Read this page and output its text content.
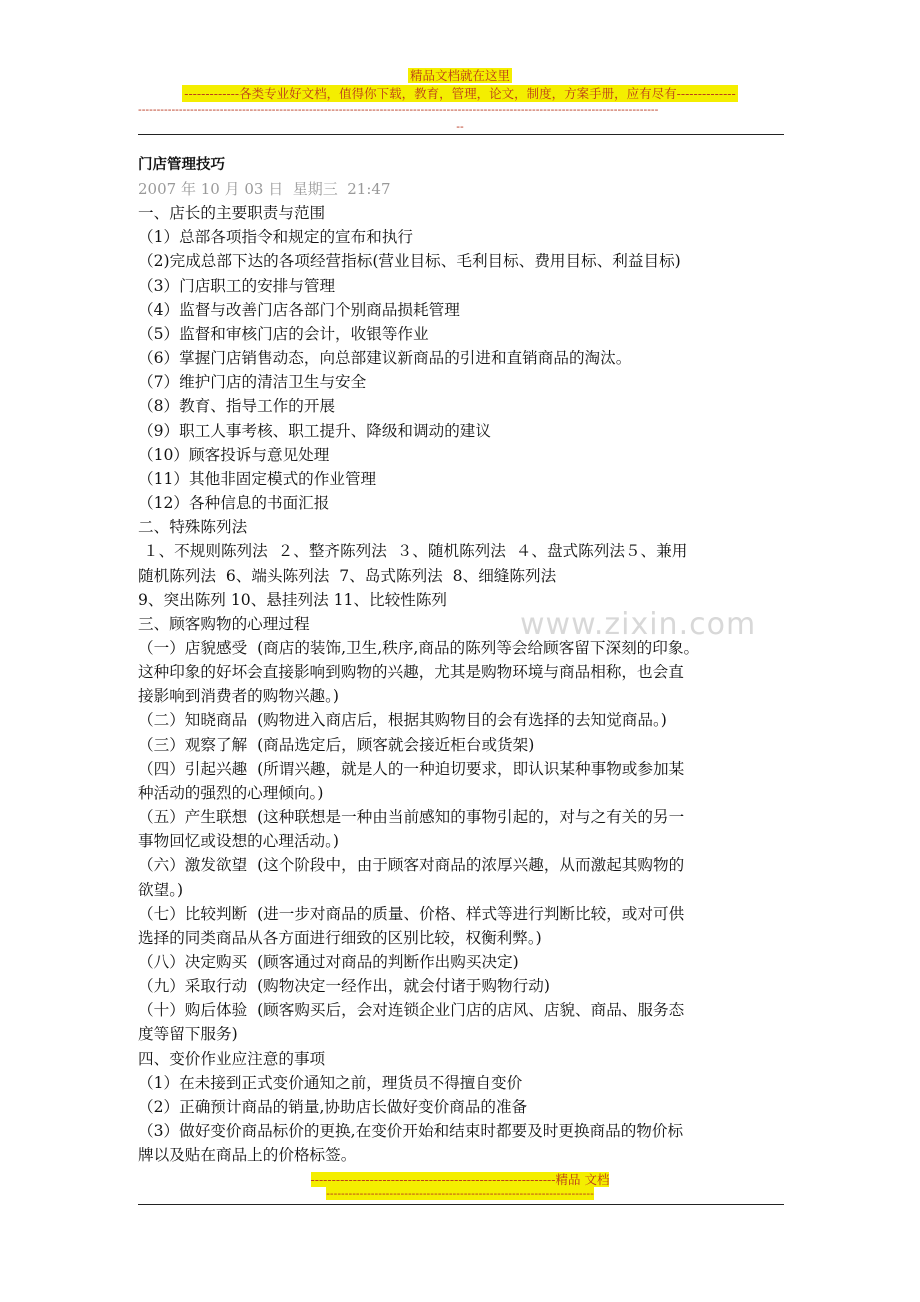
精品文档就在这里
-------------各类专业好文档，值得你下载，教育，管理，论文，制度，方案手册，应有尽有--------------
--------------------------------------------------------------------------------------------------------------------------------------------
--
www.zixin.com

门店管理技巧

2007 年 10 月 03 日  星期三  21:47

一、店长的主要职责与范围

（1）总部各项指令和规定的宣布和执行

（2)完成总部下达的各项经营指标(营业目标、毛利目标、费用目标、利益目标)

（3）门店职工的安排与管理

（4）监督与改善门店各部门个别商品损耗管理

（5）监督和审核门店的会计，收银等作业

（6）掌握门店销售动态，向总部建议新商品的引进和直销商品的淘汰。

（7）维护门店的清洁卫生与安全

（8）教育、指导工作的开展

（9）职工人事考核、职工提升、降级和调动的建议

（10）顾客投诉与意见处理

（11）其他非固定模式的作业管理

（12）各种信息的书面汇报

二、特殊陈列法

１、不规则陈列法  ２、整齐陈列法  ３、随机陈列法  ４、盘式陈列法５、兼用

随机陈列法  6、端头陈列法  7、岛式陈列法  8、细缝陈列法

9、突出陈列 10、悬挂列法 11、比较性陈列

三、顾客购物的心理过程

（一）店貌感受  (商店的装饰,卫生,秩序,商品的陈列等会给顾客留下深刻的印象。

这种印象的好坏会直接影响到购物的兴趣，尤其是购物环境与商品相称，也会直

接影响到消费者的购物兴趣。)

（二）知晓商品  (购物进入商店后，根据其购物目的会有选择的去知觉商品。)

（三）观察了解  (商品选定后，顾客就会接近柜台或货架)

（四）引起兴趣  (所谓兴趣，就是人的一种迫切要求，即认识某种事物或参加某

种活动的强烈的心理倾向。)

（五）产生联想  (这种联想是一种由当前感知的事物引起的，对与之有关的另一

事物回忆或设想的心理活动。)

（六）激发欲望  (这个阶段中，由于顾客对商品的浓厚兴趣，从而激起其购物的

欲望。)

（七）比较判断  (进一步对商品的质量、价格、样式等进行判断比较，或对可供

选择的同类商品从各方面进行细致的区别比较，权衡利弊。)

（八）决定购买  (顾客通过对商品的判断作出购买决定)

（九）采取行动  (购物决定一经作出，就会付诸于购物行动)

（十）购后体验  (顾客购买后，会对连锁企业门店的店风、店貌、商品、服务态

度等留下服务)

四、变价作业应注意的事项

（1）在未接到正式变价通知之前，理货员不得擅自变价

（2）正确预计商品的销量,协助店长做好变价商品的准备

（3）做好变价商品标价的更换,在变价开始和结束时都要及时更换商品的物价标

牌以及贴在商品上的价格标签。

----------------------------------------------------------精品 文档
------------------------------------------------------------------------
